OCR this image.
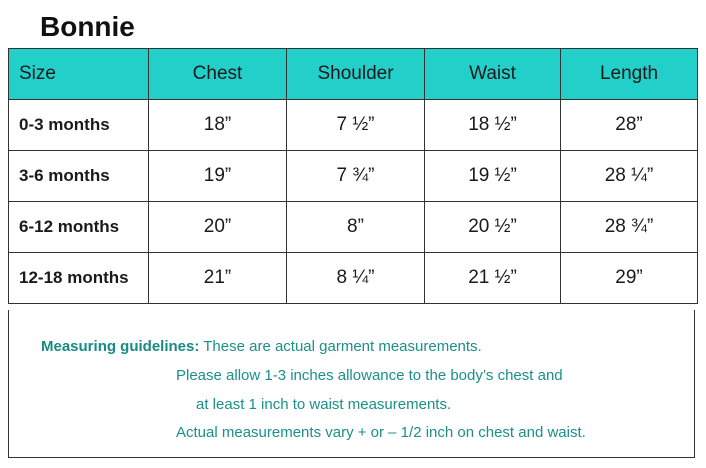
Bonnie
Size	Chest	Shoulder	Waist	Length
0-3 months	18”	7 ½”	18 ½”	28”
3-6 months	19”	7 ¾”	19 ½”	28 ¼”
6-12 months	20”	8”	20 ½”	28 ¾”
12-18 months	21”	8 ¼”	21 ½”	29”
Measuring guidelines: These are actual garment measurements.
Please allow 1-3 inches allowance to the body’s chest and
at least 1 inch to waist measurements.
Actual measurements vary + or – 1/2 inch on chest and waist.
